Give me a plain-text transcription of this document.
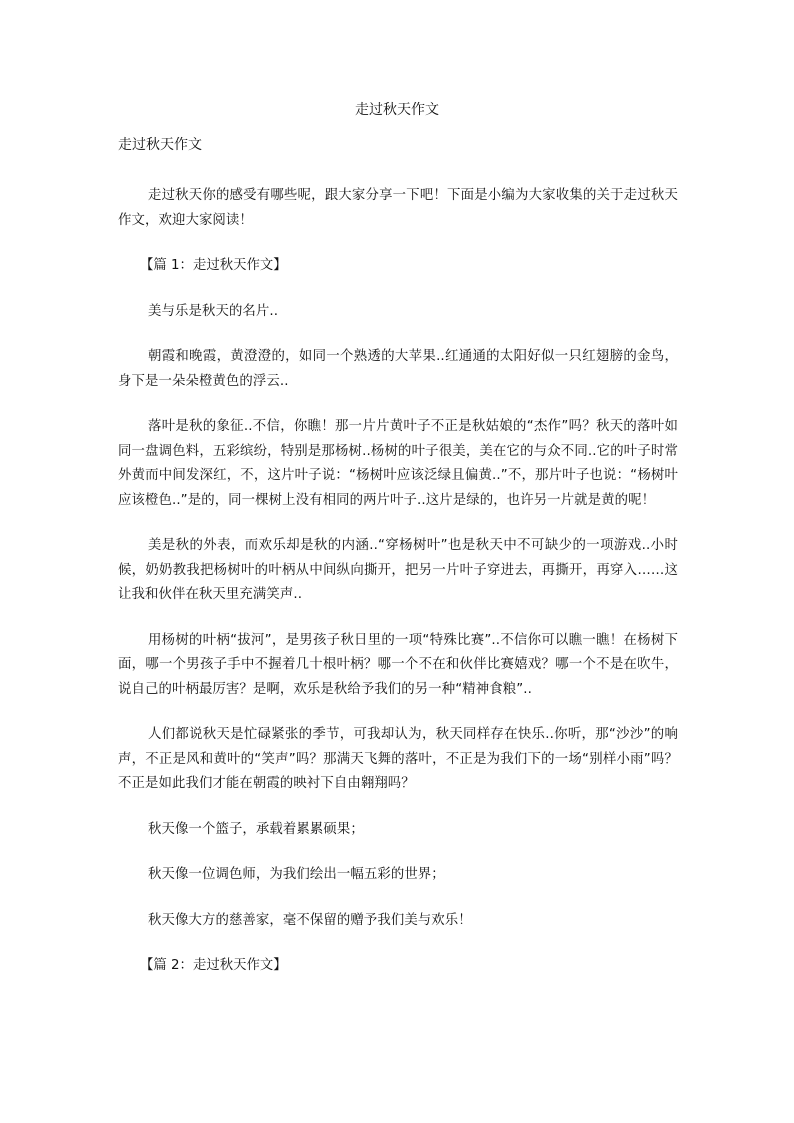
走过秋天作文
走过秋天作文

走过秋天你的感受有哪些呢，跟大家分享一下吧！下面是小编为大家收集的关于走过秋天作文，欢迎大家阅读！

【篇 1：走过秋天作文】

美与乐是秋天的名片..

朝霞和晚霞，黄澄澄的，如同一个熟透的大苹果..红通通的太阳好似一只红翅膀的金鸟，身下是一朵朵橙黄色的浮云..

落叶是秋的象征..不信，你瞧！那一片片黄叶子不正是秋姑娘的“杰作”吗？秋天的落叶如同一盘调色料，五彩缤纷，特别是那杨树..杨树的叶子很美，美在它的与众不同..它的叶子时常外黄而中间发深红，不，这片叶子说：“杨树叶应该泛绿且偏黄..”不，那片叶子也说：“杨树叶应该橙色..”是的，同一棵树上没有相同的两片叶子..这片是绿的，也许另一片就是黄的呢！

美是秋的外表，而欢乐却是秋的内涵..“穿杨树叶”也是秋天中不可缺少的一项游戏..小时候，奶奶教我把杨树叶的叶柄从中间纵向撕开，把另一片叶子穿进去，再撕开，再穿入……这让我和伙伴在秋天里充满笑声..

用杨树的叶柄“拔河”，是男孩子秋日里的一项“特殊比赛”..不信你可以瞧一瞧！在杨树下面，哪一个男孩子手中不握着几十根叶柄？哪一个不在和伙伴比赛嬉戏？哪一个不是在吹牛，说自己的叶柄最厉害？是啊，欢乐是秋给予我们的另一种“精神食粮”..

人们都说秋天是忙碌紧张的季节，可我却认为，秋天同样存在快乐..你听，那“沙沙”的响声，不正是风和黄叶的“笑声”吗？那满天飞舞的落叶，不正是为我们下的一场“别样小雨”吗？不正是如此我们才能在朝霞的映衬下自由翱翔吗？

秋天像一个篮子，承载着累累硕果；

秋天像一位调色师，为我们绘出一幅五彩的世界；

秋天像大方的慈善家，毫不保留的赠予我们美与欢乐！

【篇 2：走过秋天作文】
